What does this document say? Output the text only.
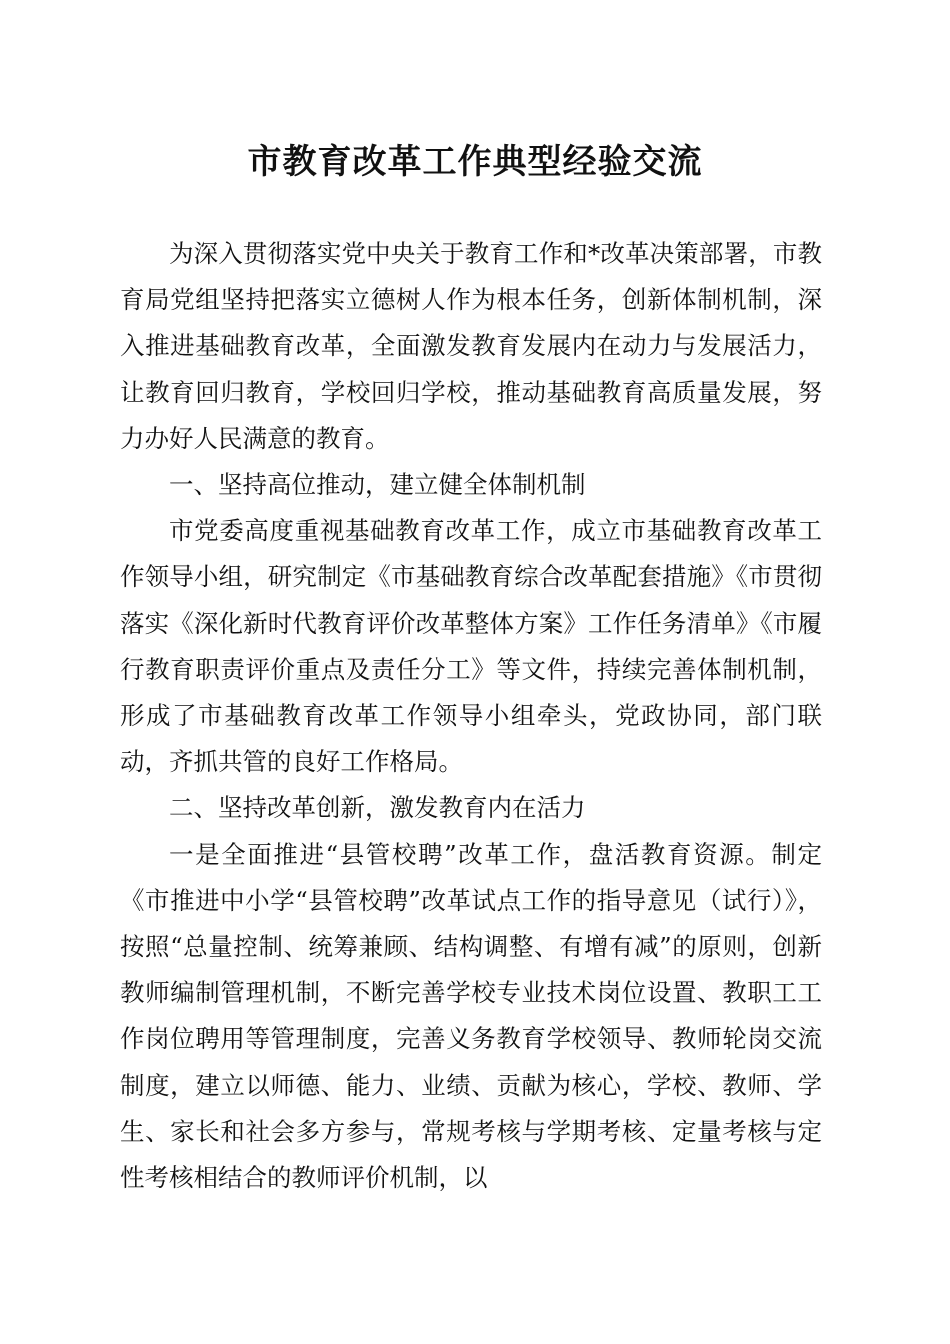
市教育改革工作典型经验交流

为深入贯彻落实党中央关于教育工作和*改革决策部署，市教育局党组坚持把落实立德树人作为根本任务，创新体制机制，深入推进基础教育改革，全面激发教育发展内在动力与发展活力，让教育回归教育，学校回归学校，推动基础教育高质量发展，努力办好人民满意的教育。

一、坚持高位推动，建立健全体制机制

市党委高度重视基础教育改革工作，成立市基础教育改革工作领导小组，研究制定《市基础教育综合改革配套措施》《市贯彻落实《深化新时代教育评价改革整体方案》工作任务清单》《市履行教育职责评价重点及责任分工》等文件，持续完善体制机制，形成了市基础教育改革工作领导小组牵头，党政协同，部门联动，齐抓共管的良好工作格局。

二、坚持改革创新，激发教育内在活力

一是全面推进“县管校聘”改革工作，盘活教育资源。制定《市推进中小学“县管校聘”改革试点工作的指导意见（试行）》，按照“总量控制、统筹兼顾、结构调整、有增有减”的原则，创新教师编制管理机制，不断完善学校专业技术岗位设置、教职工工作岗位聘用等管理制度，完善义务教育学校领导、教师轮岗交流制度，建立以师德、能力、业绩、贡献为核心，学校、教师、学生、家长和社会多方参与，常规考核与学期考核、定量考核与定性考核相结合的教师评价机制，以
